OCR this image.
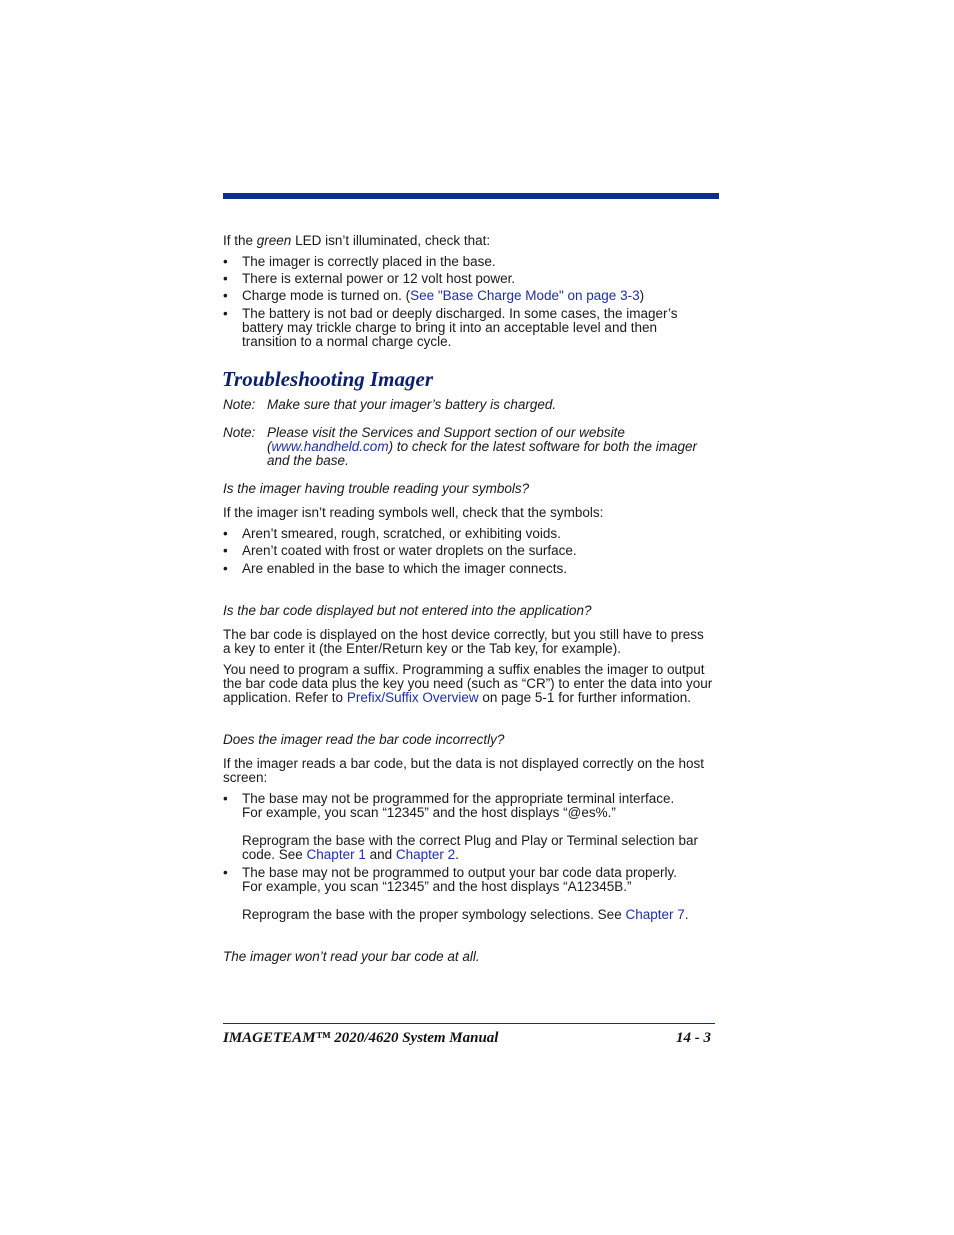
If the green LED isn’t illuminated, check that:
• The imager is correctly placed in the base.
• There is external power or 12 volt host power.
• Charge mode is turned on. (See "Base Charge Mode" on page 3-3)
• The battery is not bad or deeply discharged. In some cases, the imager’s
battery may trickle charge to bring it into an acceptable level and then
transition to a normal charge cycle.
Troubleshooting Imager
Note: Make sure that your imager’s battery is charged.
Note: Please visit the Services and Support section of our website
(www.handheld.com) to check for the latest software for both the imager
and the base.
Is the imager having trouble reading your symbols?
If the imager isn’t reading symbols well, check that the symbols:
• Aren’t smeared, rough, scratched, or exhibiting voids.
• Aren’t coated with frost or water droplets on the surface.
• Are enabled in the base to which the imager connects.
Is the bar code displayed but not entered into the application?
The bar code is displayed on the host device correctly, but you still have to press
a key to enter it (the Enter/Return key or the Tab key, for example).
You need to program a suffix. Programming a suffix enables the imager to output
the bar code data plus the key you need (such as “CR”) to enter the data into your
application. Refer to Prefix/Suffix Overview on page 5-1 for further information.
Does the imager read the bar code incorrectly?
If the imager reads a bar code, but the data is not displayed correctly on the host
screen:
• The base may not be programmed for the appropriate terminal interface.
For example, you scan “12345” and the host displays “@es%.”

Reprogram the base with the correct Plug and Play or Terminal selection bar
code. See Chapter 1 and Chapter 2.
• The base may not be programmed to output your bar code data properly.
For example, you scan “12345” and the host displays “A12345B.”

Reprogram the base with the proper symbology selections. See Chapter 7.
The imager won’t read your bar code at all.
IMAGETEAM™ 2020/4620 System Manual	14 - 3
